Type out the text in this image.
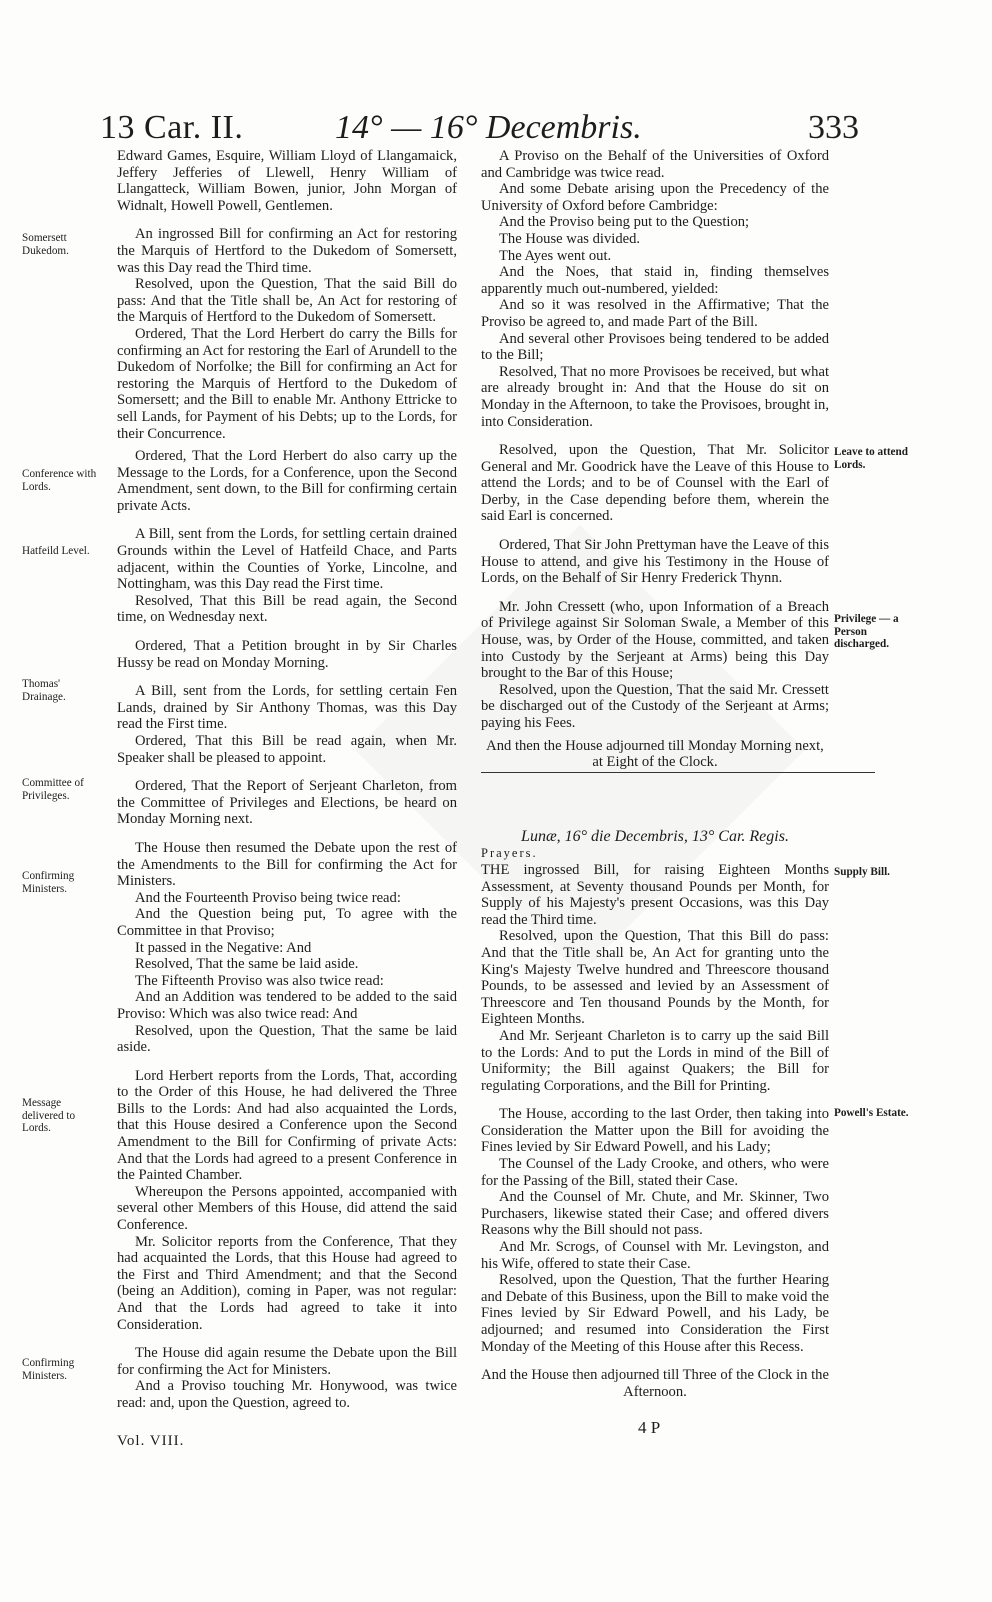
13 Car. II.	14° — 16° Decembris.	333
Somersett Dukedom.
Conference with Lords.
Hatfeild Level.
Thomas' Drainage.
Committee of Privileges.
Confirming Ministers.
Message delivered to Lords.
Confirming Ministers.

Edward Games, Esquire, William Lloyd of Llangamaick, Jeffery Jefferies of Llewell, Henry William of Llangatteck, William Bowen, junior, John Morgan of Widnalt, Howell Powell, Gentlemen.

An ingrossed Bill for confirming an Act for restoring the Marquis of Hertford to the Dukedom of Somersett, was this Day read the Third time.

Resolved, upon the Question, That the said Bill do pass: And that the Title shall be, An Act for restoring of the Marquis of Hertford to the Dukedom of Somersett.

Ordered, That the Lord Herbert do carry the Bills for confirming an Act for restoring the Earl of Arundell to the Dukedom of Norfolke; the Bill for confirming an Act for restoring the Marquis of Hertford to the Dukedom of Somersett; and the Bill to enable Mr. Anthony Ettricke to sell Lands, for Payment of his Debts; up to the Lords, for their Concurrence.

Ordered, That the Lord Herbert do also carry up the Message to the Lords, for a Conference, upon the Second Amendment, sent down, to the Bill for confirming certain private Acts.

A Bill, sent from the Lords, for settling certain drained Grounds within the Level of Hatfeild Chace, and Parts adjacent, within the Counties of Yorke, Lincolne, and Nottingham, was this Day read the First time.

Resolved, That this Bill be read again, the Second time, on Wednesday next.

Ordered, That a Petition brought in by Sir Charles Hussy be read on Monday Morning.

A Bill, sent from the Lords, for settling certain Fen Lands, drained by Sir Anthony Thomas, was this Day read the First time.

Ordered, That this Bill be read again, when Mr. Speaker shall be pleased to appoint.

Ordered, That the Report of Serjeant Charleton, from the Committee of Privileges and Elections, be heard on Monday Morning next.

The House then resumed the Debate upon the rest of the Amendments to the Bill for confirming the Act for Ministers.

And the Fourteenth Proviso being twice read:

And the Question being put, To agree with the Committee in that Proviso;

It passed in the Negative: And

Resolved, That the same be laid aside.

The Fifteenth Proviso was also twice read:

And an Addition was tendered to be added to the said Proviso: Which was also twice read: And

Resolved, upon the Question, That the same be laid aside.

Lord Herbert reports from the Lords, That, according to the Order of this House, he had delivered the Three Bills to the Lords: And had also acquainted the Lords, that this House desired a Conference upon the Second Amendment to the Bill for Confirming of private Acts: And that the Lords had agreed to a present Conference in the Painted Chamber.

Whereupon the Persons appointed, accompanied with several other Members of this House, did attend the said Conference.

Mr. Solicitor reports from the Conference, That they had acquainted the Lords, that this House had agreed to the First and Third Amendment; and that the Second (being an Addition), coming in Paper, was not regular: And that the Lords had agreed to take it into Consideration.

The House did again resume the Debate upon the Bill for confirming the Act for Ministers.

And a Proviso touching Mr. Honywood, was twice read: and, upon the Question, agreed to.

Vol. VIII.

A Proviso on the Behalf of the Universities of Oxford and Cambridge was twice read.

And some Debate arising upon the Precedency of the University of Oxford before Cambridge:

And the Proviso being put to the Question;

The House was divided.

The Ayes went out.

And the Noes, that staid in, finding themselves apparently much out-numbered, yielded:

And so it was resolved in the Affirmative; That the Proviso be agreed to, and made Part of the Bill.

And several other Provisoes being tendered to be added to the Bill;

Resolved, That no more Provisoes be received, but what are already brought in: And that the House do sit on Monday in the Afternoon, to take the Provisoes, brought in, into Consideration.

Resolved, upon the Question, That Mr. Solicitor General and Mr. Goodrick have the Leave of this House to attend the Lords; and to be of Counsel with the Earl of Derby, in the Case depending before them, wherein the said Earl is concerned.

Ordered, That Sir John Prettyman have the Leave of this House to attend, and give his Testimony in the House of Lords, on the Behalf of Sir Henry Frederick Thynn.

Mr. John Cressett (who, upon Information of a Breach of Privilege against Sir Soloman Swale, a Member of this House, was, by Order of the House, committed, and taken into Custody by the Serjeant at Arms) being this Day brought to the Bar of this House;

Resolved, upon the Question, That the said Mr. Cressett be discharged out of the Custody of the Serjeant at Arms; paying his Fees.

And then the House adjourned till Monday Morning next, at Eight of the Clock.

Lunæ, 16° die Decembris, 13° Car. Regis.

Prayers.

THE ingrossed Bill, for raising Eighteen Months Assessment, at Seventy thousand Pounds per Month, for Supply of his Majesty's present Occasions, was this Day read the Third time.

Resolved, upon the Question, That this Bill do pass: And that the Title shall be, An Act for granting unto the King's Majesty Twelve hundred and Threescore thousand Pounds, to be assessed and levied by an Assessment of Threescore and Ten thousand Pounds by the Month, for Eighteen Months.

And Mr. Serjeant Charleton is to carry up the said Bill to the Lords: And to put the Lords in mind of the Bill of Uniformity; the Bill against Quakers; the Bill for regulating Corporations, and the Bill for Printing.

The House, according to the last Order, then taking into Consideration the Matter upon the Bill for avoiding the Fines levied by Sir Edward Powell, and his Lady;

The Counsel of the Lady Crooke, and others, who were for the Passing of the Bill, stated their Case.

And the Counsel of Mr. Chute, and Mr. Skinner, Two Purchasers, likewise stated their Case; and offered divers Reasons why the Bill should not pass.

And Mr. Scrogs, of Counsel with Mr. Levingston, and his Wife, offered to state their Case.

Resolved, upon the Question, That the further Hearing and Debate of this Business, upon the Bill to make void the Fines levied by Sir Edward Powell, and his Lady, be adjourned; and resumed into Consideration the First Monday of the Meeting of this House after this Recess.

And the House then adjourned till Three of the Clock in the Afternoon.

Leave to attend Lords.
Privilege — a Person discharged.
Supply Bill.
Powell's Estate.
4 P
